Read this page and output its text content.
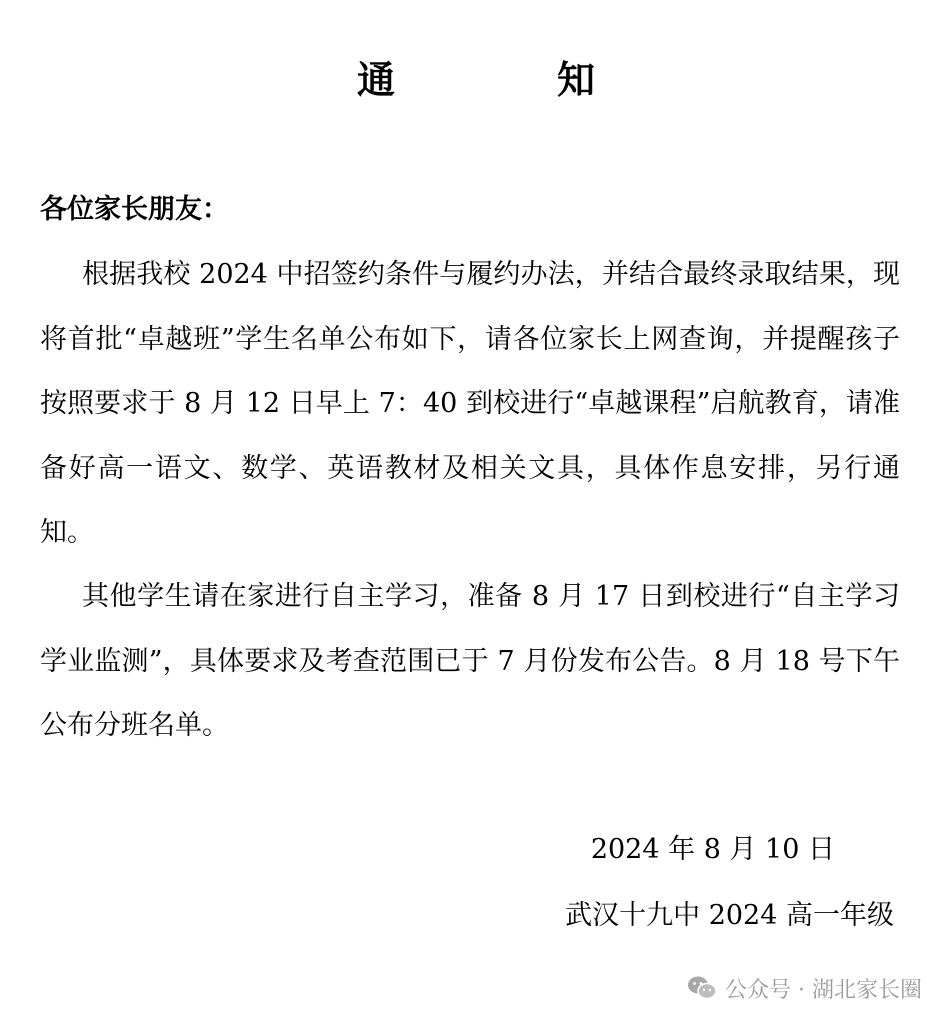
通　知
各位家长朋友：
根据我校 2024 中招签约条件与履约办法，并结合最终录取结果，现将首批“卓越班”学生名单公布如下，请各位家长上网查询，并提醒孩子按照要求于 8 月 12 日早上 7：40 到校进行“卓越课程”启航教育，请准备好高一语文、数学、英语教材及相关文具，具体作息安排，另行通知。
其他学生请在家进行自主学习，准备 8 月 17 日到校进行“自主学习学业监测”，具体要求及考查范围已于 7 月份发布公告。8 月 18 号下午公布分班名单。
2024 年 8 月 10 日
武汉十九中 2024 高一年级
公众号 · 湖北家长圈
